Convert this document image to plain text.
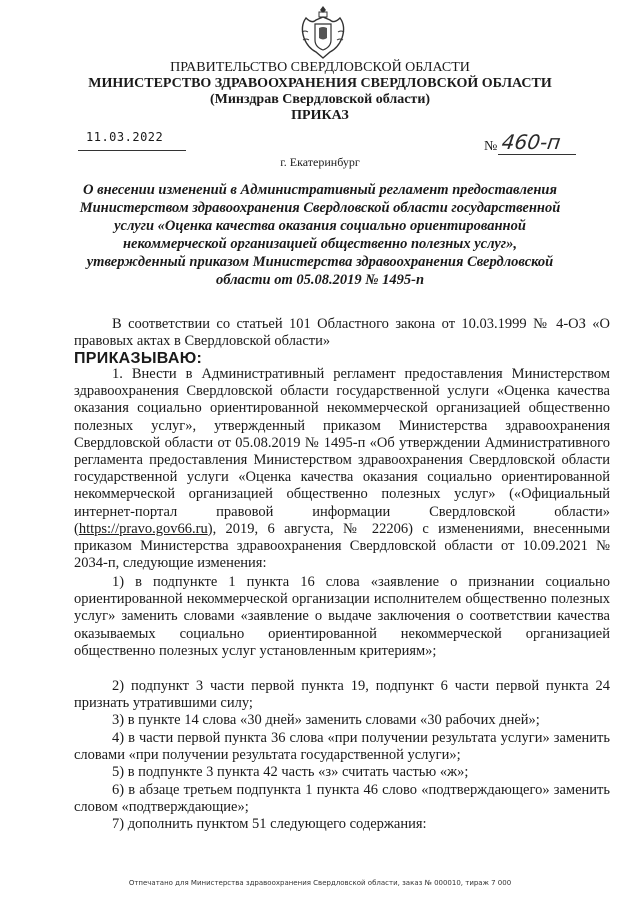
ПРАВИТЕЛЬСТВО СВЕРДЛОВСКОЙ ОБЛАСТИ
МИНИСТЕРСТВО ЗДРАВООХРАНЕНИЯ СВЕРДЛОВСКОЙ ОБЛАСТИ
(Минздрав Свердловской области)
ПРИКАЗ
11.03.2022
№ 460-п
г. Екатеринбург
О внесении изменений в Административный регламент предоставления Министерством здравоохранения Свердловской области государственной услуги «Оценка качества оказания социально ориентированной некоммерческой организацией общественно полезных услуг», утвержденный приказом Министерства здравоохранения Свердловской области от 05.08.2019 № 1495-п
В соответствии со статьей 101 Областного закона от 10.03.1999 № 4-ОЗ «О правовых актах в Свердловской области»
ПРИКАЗЫВАЮ:
1. Внести в Административный регламент предоставления Министерством здравоохранения Свердловской области государственной услуги «Оценка качества оказания социально ориентированной некоммерческой организацией общественно полезных услуг», утвержденный приказом Министерства здравоохранения Свердловской области от 05.08.2019 № 1495-п «Об утверждении Административного регламента предоставления Министерством здравоохранения Свердловской области государственной услуги «Оценка качества оказания социально ориентированной некоммерческой организацией общественно полезных услуг» («Официальный интернет-портал правовой информации Свердловской области» (https://pravo.gov66.ru), 2019, 6 августа, № 22206) с изменениями, внесенными приказом Министерства здравоохранения Свердловской области от 10.09.2021 № 2034-п, следующие изменения:
1) в подпункте 1 пункта 16 слова «заявление о признании социально ориентированной некоммерческой организации исполнителем общественно полезных услуг» заменить словами «заявление о выдаче заключения о соответствии качества оказываемых социально ориентированной некоммерческой организацией общественно полезных услуг установленным критериям»;
2) подпункт 3 части первой пункта 19, подпункт 6 части первой пункта 24 признать утратившими силу;
3) в пункте 14 слова «30 дней» заменить словами «30 рабочих дней»;
4) в части первой пункта 36 слова «при получении результата услуги» заменить словами «при получении результата государственной услуги»;
5) в подпункте 3 пункта 42 часть «з» считать частью «ж»;
6) в абзаце третьем подпункта 1 пункта 46 слово «подтверждающего» заменить словом «подтверждающие»;
7) дополнить пунктом 51 следующего содержания:
Отпечатано для Министерства здравоохранения Свердловской области, заказ № 000010, тираж 7 000
